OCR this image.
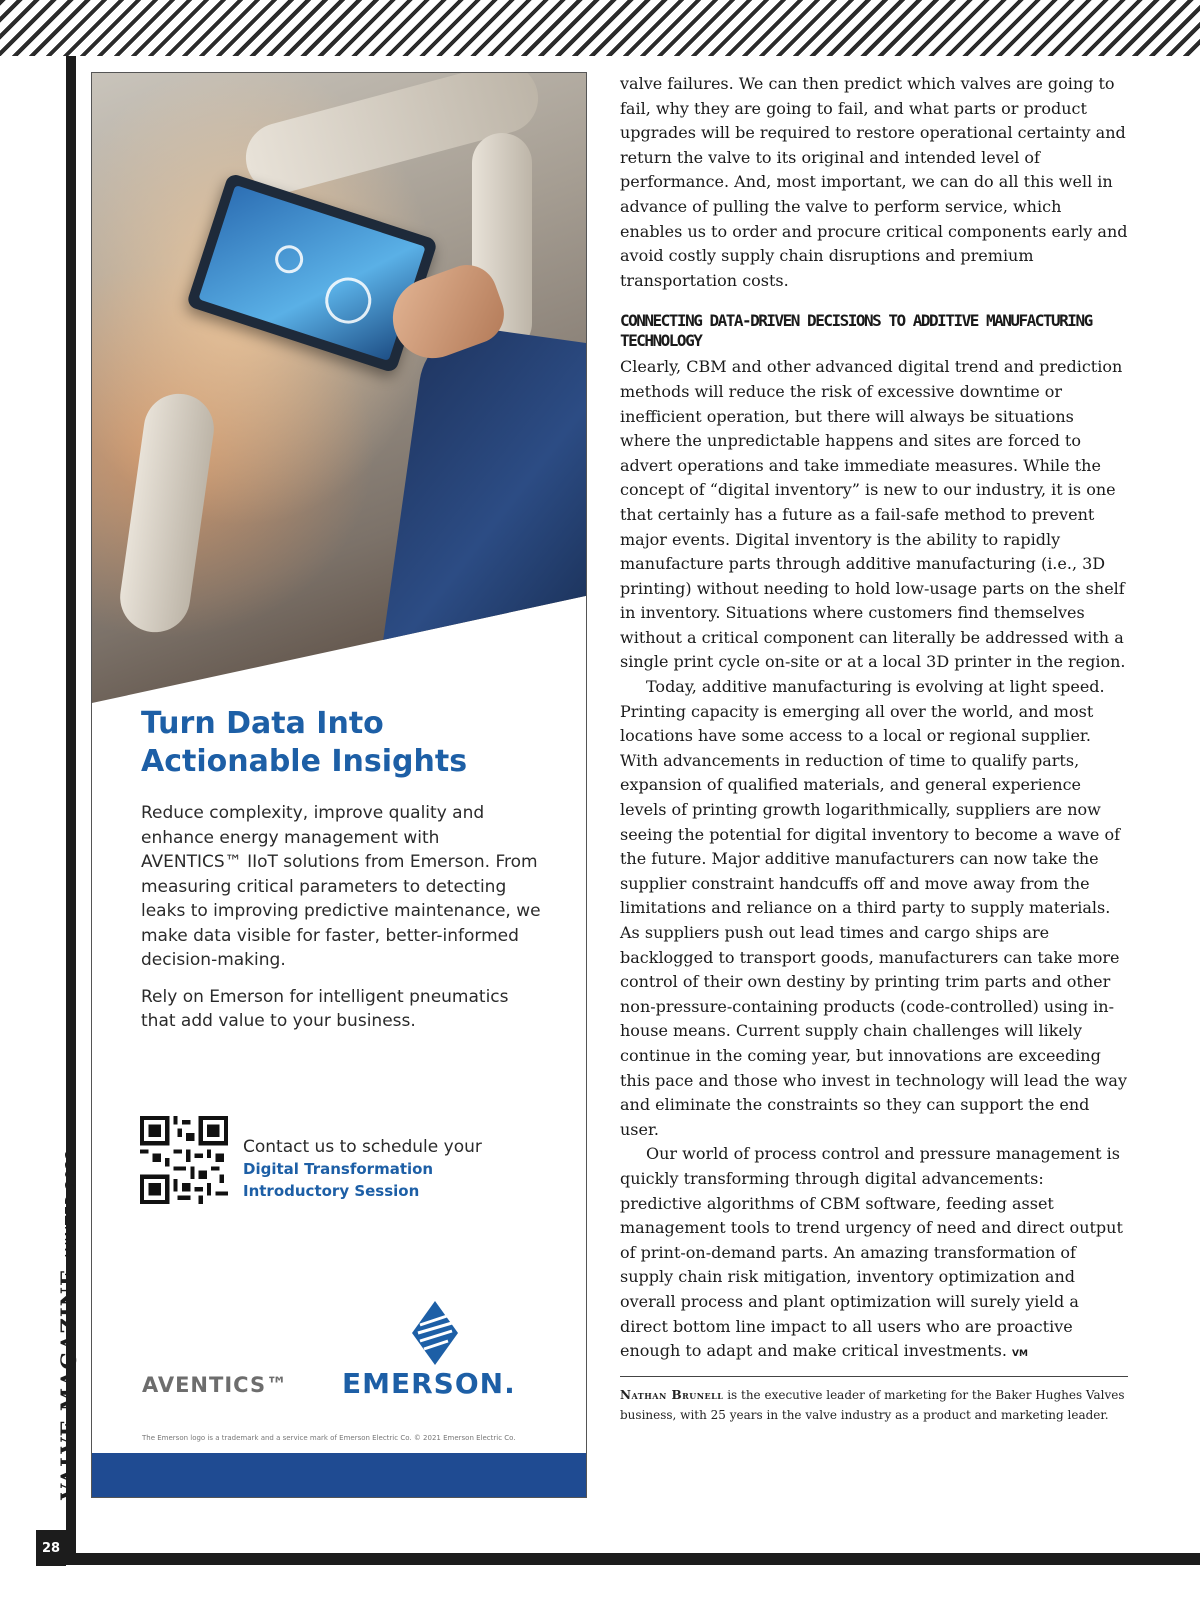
28
VALVE MAGAZINE
WINTER 2022
Turn Data Into
Actionable Insights

Reduce complexity, improve quality and enhance energy management with AVENTICS™ IIoT solutions from Emerson. From measuring critical parameters to detecting leaks to improving predictive maintenance, we make data visible for faster, better-informed decision-making.

Rely on Emerson for intelligent pneumatics that add value to your business.

Contact us to schedule your
Digital Transformation
Introductory Session
AVENTICS™ EMERSON.
The Emerson logo is a trademark and a service mark of Emerson Electric Co. © 2021 Emerson Electric Co.

valve failures. We can then predict which valves are going to fail, why they are going to fail, and what parts or product upgrades will be required to restore operational certainty and return the valve to its original and intended level of performance. And, most important, we can do all this well in advance of pulling the valve to perform service, which enables us to order and procure critical components early and avoid costly supply chain disruptions and premium transportation costs.

CONNECTING DATA-DRIVEN DECISIONS TO ADDITIVE MANUFACTURING TECHNOLOGY

Clearly, CBM and other advanced digital trend and prediction methods will reduce the risk of excessive downtime or inefficient operation, but there will always be situations where the unpredictable happens and sites are forced to advert operations and take immediate measures. While the concept of “digital inventory” is new to our industry, it is one that certainly has a future as a fail-safe method to prevent major events. Digital inventory is the ability to rapidly manufacture parts through additive manufacturing (i.e., 3D printing) without needing to hold low-usage parts on the shelf in inventory. Situations where customers find themselves without a critical component can literally be addressed with a single print cycle on-site or at a local 3D printer in the region.

Today, additive manufacturing is evolving at light speed. Printing capacity is emerging all over the world, and most locations have some access to a local or regional supplier. With advancements in reduction of time to qualify parts, expansion of qualified materials, and general experience levels of printing growth logarithmically, suppliers are now seeing the potential for digital inventory to become a wave of the future. Major additive manufacturers can now take the supplier constraint handcuffs off and move away from the limitations and reliance on a third party to supply materials. As suppliers push out lead times and cargo ships are backlogged to transport goods, manufacturers can take more control of their own destiny by printing trim parts and other non-pressure-containing products (code-controlled) using in-house means. Current supply chain challenges will likely continue in the coming year, but innovations are exceeding this pace and those who invest in technology will lead the way and eliminate the constraints so they can support the end user.

Our world of process control and pressure management is quickly transforming through digital advancements: predictive algorithms of CBM software, feeding asset management tools to trend urgency of need and direct output of print-on-demand parts. An amazing transformation of supply chain risk mitigation, inventory optimization and overall process and plant optimization will surely yield a direct bottom line impact to all users who are proactive enough to adapt and make critical investments. VM

Nathan Brunell is the executive leader of marketing for the Baker Hughes Valves business, with 25 years in the valve industry as a product and marketing leader.
